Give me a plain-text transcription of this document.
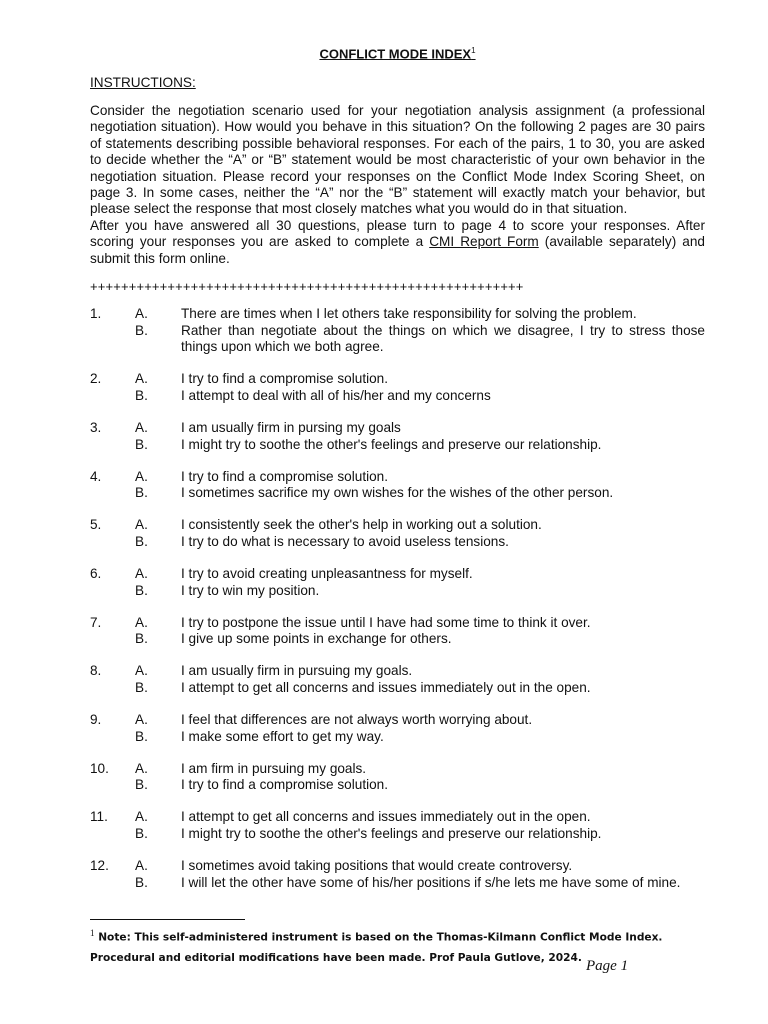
CONFLICT MODE INDEX$^1$
INSTRUCTIONS:

Consider the negotiation scenario used for your negotiation analysis assignment (a professional negotiation situation). How would you behave in this situation? On the following 2 pages are 30 pairs of statements describing possible behavioral responses. For each of the pairs, 1 to 30, you are asked to decide whether the “A” or “B” statement would be most characteristic of your own behavior in the negotiation situation. Please record your responses on the Conflict Mode Index Scoring Sheet, on page 3. In some cases, neither the “A” nor the “B” statement will exactly match your behavior, but please select the response that most closely matches what you would do in that situation.

After you have answered all 30 questions, please turn to page 4 to score your responses. After scoring your responses you are asked to complete a CMI Report Form (available separately) and submit this form online.

++++++++++++++++++++++++++++++++++++++++++++++++++++++++
1. A. There are times when I let others take responsibility for solving the problem.
B. Rather than negotiate about the things on which we disagree, I try to stress those things upon which we both agree.
2. A. I try to find a compromise solution.
B. I attempt to deal with all of his/her and my concerns
3. A. I am usually firm in pursing my goals
B. I might try to soothe the other's feelings and preserve our relationship.
4. A. I try to find a compromise solution.
B. I sometimes sacrifice my own wishes for the wishes of the other person.
5. A. I consistently seek the other's help in working out a solution.
B. I try to do what is necessary to avoid useless tensions.
6. A. I try to avoid creating unpleasantness for myself.
B. I try to win my position.
7. A. I try to postpone the issue until I have had some time to think it over.
B. I give up some points in exchange for others.
8. A. I am usually firm in pursuing my goals.
B. I attempt to get all concerns and issues immediately out in the open.
9. A. I feel that differences are not always worth worrying about.
B. I make some effort to get my way.
10. A. I am firm in pursuing my goals.
B. I try to find a compromise solution.
11. A. I attempt to get all concerns and issues immediately out in the open.
B. I might try to soothe the other's feelings and preserve our relationship.
12. A. I sometimes avoid taking positions that would create controversy.
B. I will let the other have some of his/her positions if s/he lets me have some of mine.
$^1$ Note: This self-administered instrument is based on the Thomas-Kilmann Conflict Mode Index. Procedural and editorial modifications have been made. Prof Paula Gutlove, 2024.
Page 1
